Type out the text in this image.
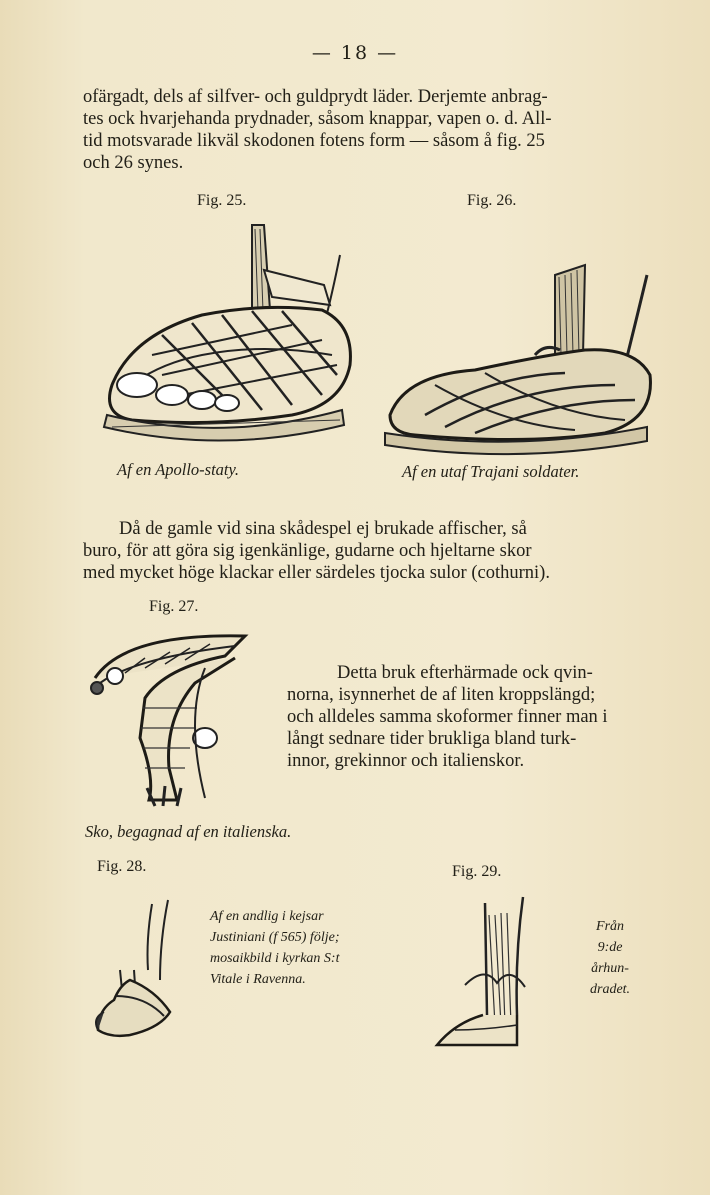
— 18 —
ofärgadt, dels af silfver- och guldprydt läder. Derjemte anbrag-
tes ock hvarjehanda prydnader, såsom knappar, vapen o. d. All-
tid motsvarade likväl skodonen fotens form — såsom å fig. 25
och 26 synes.
Fig. 25.	Fig. 26.
Af en Apollo-staty.	Af en utaf Trajani soldater.
Då de gamle vid sina skådespel ej brukade affischer, så
buro, för att göra sig igenkänlige, gudarne och hjeltarne skor
med mycket höge klackar eller särdeles tjocka sulor (cothurni).
Fig. 27.
Detta bruk efterhärmade ock qvin-
norna, isynnerhet de af liten kroppslängd;
och alldeles samma skoformer finner man i
långt sednare tider brukliga bland turk-
innor, grekinnor och italienskor.
Sko, begagnad af en italienska.
Fig. 28.	Fig. 29.
Af en andlig i kejsar
Justiniani (f 565) följe;
mosaikbild i kyrkan S:t
Vitale i Ravenna.
Från
9:de
århun-
dradet.
